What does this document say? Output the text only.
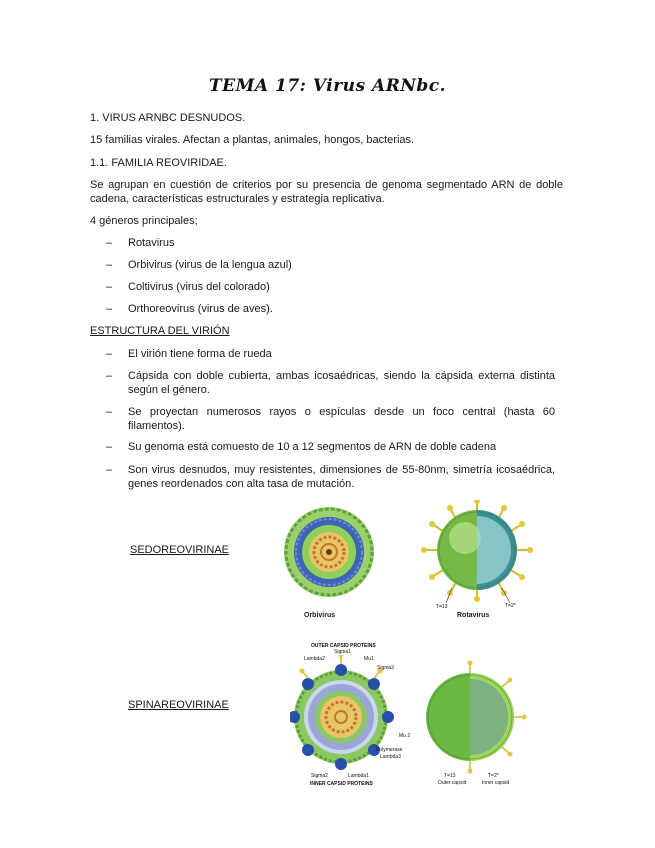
TEMA 17: Virus ARNbc.
1. VIRUS ARNBC DESNUDOS.
15 familias virales. Afectan a plantas, animales, hongos, bacterias.
1.1. FAMILIA REOVIRIDAE.
Se agrupan en cuestión de criterios por su presencia de genoma segmentado ARN de doble cadena, características estructurales y estrategia replicativa.
4 géneros principales;
– Rotavirus
– Orbivirus (virus de la lengua azul)
– Coltivirus (virus del colorado)
– Orthoreovirus (virus de aves).
ESTRUCTURA DEL VIRIÓN
– El virión tiene forma de rueda
– Cápsida con doble cubierta, ambas icosaédricas, siendo la cápsida externa distinta según el género.
– Se proyectan numerosos rayos o espículas desde un foco central (hasta 60 filamentos).
– Su genoma está comuesto de 10 a 12 segmentos de ARN de doble cadena
– Son virus desnudos, muy resistentes, dimensiones de 55-80nm, simetría icosaédrica, genes reordenados con alta tasa de mutación.
SEDOREOVIRINAE
SPINAREOVIRINAE
Orbivirus	Rotavirus
T=13	T=2*
OUTER CAPSID PROTEINS
Sigma1
Lambda2	Mu1
Sigma3
Mu 2
Polymerase
Lambda3
Sigma2	Lambda1
INNER CAPSID PROTEINS
T=13
Outer capsid
T=2*
Inner capsid
